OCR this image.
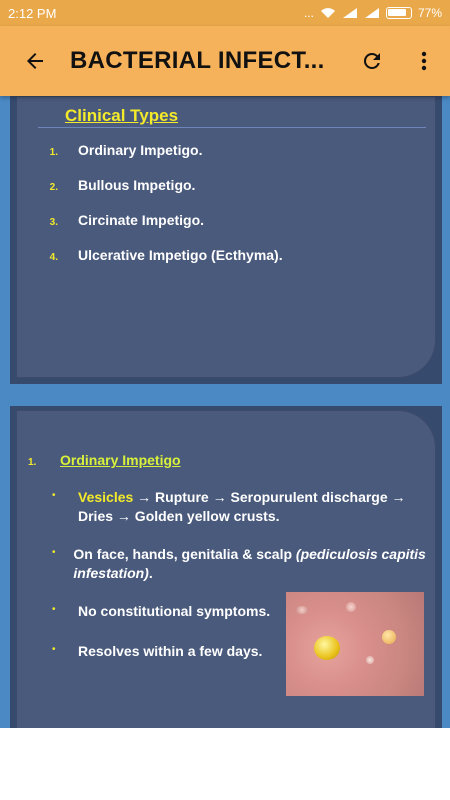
2:12 PM	...	77%
BACTERIAL INFECT...
Clinical Types
1.	Ordinary Impetigo.
2.	Bullous Impetigo.
3.	Circinate Impetigo.
4.	Ulcerative Impetigo (Ecthyma).
1.	Ordinary Impetigo
•	Vesicles → Rupture → Seropurulent discharge →
Dries → Golden yellow crusts.
•	On face, hands, genitalia & scalp (pediculosis capitis infestation).
•	No constitutional symptoms.
•	Resolves within a few days.
